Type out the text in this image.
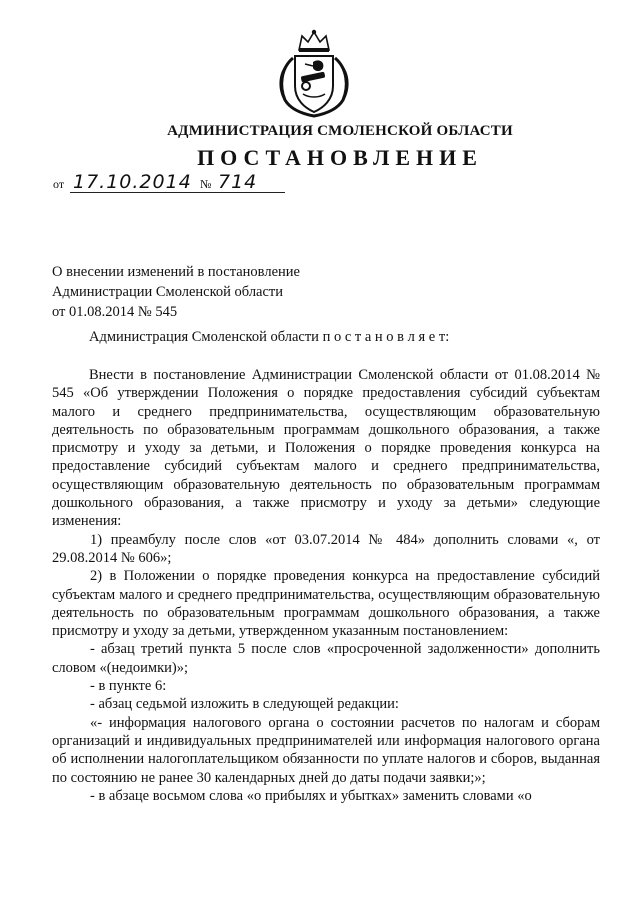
АДМИНИСТРАЦИЯ СМОЛЕНСКОЙ ОБЛАСТИ
ПОСТАНОВЛЕНИЕ
от 17.10.2014 № 714
О внесении изменений в постановление
Администрации Смоленской области
от 01.08.2014 № 545
Администрация Смоленской области п о с т а н о в л я е т:

Внести в постановление Администрации Смоленской области от 01.08.2014 № 545 «Об утверждении Положения о порядке предоставления субсидий субъектам малого и среднего предпринимательства, осуществляющим образовательную деятельность по образовательным программам дошкольного образования, а также присмотру и уходу за детьми, и Положения о порядке проведения конкурса на предоставление субсидий субъектам малого и среднего предпринимательства, осуществляющим образовательную деятельность по образовательным программам дошкольного образования, а также присмотру и уходу за детьми» следующие изменения:

1) преамбулу после слов «от 03.07.2014 № 484» дополнить словами «, от 29.08.2014 № 606»;

2) в Положении о порядке проведения конкурса на предоставление субсидий субъектам малого и среднего предпринимательства, осуществляющим образовательную деятельность по образовательным программам дошкольного образования, а также присмотру и уходу за детьми, утвержденном указанным постановлением:

- абзац третий пункта 5 после слов «просроченной задолженности» дополнить словом «(недоимки)»;

- в пункте 6:

- абзац седьмой изложить в следующей редакции:

«- информация налогового органа о состоянии расчетов по налогам и сборам организаций и индивидуальных предпринимателей или информация налогового органа об исполнении налогоплательщиком обязанности по уплате налогов и сборов, выданная по состоянию не ранее 30 календарных дней до даты подачи заявки;»;

- в абзаце восьмом слова «о прибылях и убытках» заменить словами «о
